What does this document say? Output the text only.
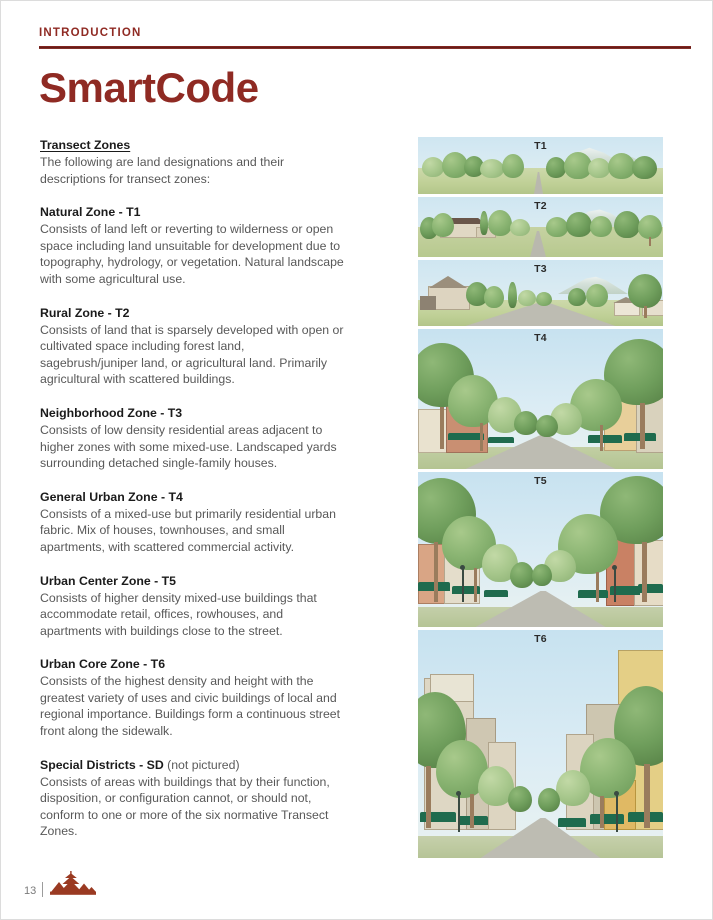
INTRODUCTION
SmartCode
Transect Zones
The following are land designations and their descriptions for transect zones:
Natural Zone - T1
Consists of land left or reverting to wilderness or open space including land unsuitable for development due to topography, hydrology, or vegetation. Natural landscape with some agricultural use.
Rural Zone - T2
Consists of land that is sparsely developed with open or cultivated space including forest land, sagebrush/juniper land, or agricultural land. Primarily agricultural with scattered buildings.
Neighborhood Zone - T3
Consists of low density residential areas adjacent to higher zones with some mixed-use. Landscaped yards surrounding detached single-family houses.
General Urban Zone - T4
Consists of a mixed-use but primarily residential urban fabric. Mix of houses, townhouses, and small apartments, with scattered commercial activity.
Urban Center Zone - T5
Consists of higher density mixed-use buildings that accommodate retail, offices, rowhouses, and apartments with buildings close to the street.
Urban Core Zone - T6
Consists of the highest density and height with the greatest variety of uses and civic buildings of local and regional importance. Buildings form a continuous street front along the sidewalk.
Special Districts - SD (not pictured)
Consists of areas with buildings that by their function, disposition, or configuration cannot, or should not, conform to one or more of the six normative Transect Zones.
T1
T2
T3
T4
T5
T6
13
